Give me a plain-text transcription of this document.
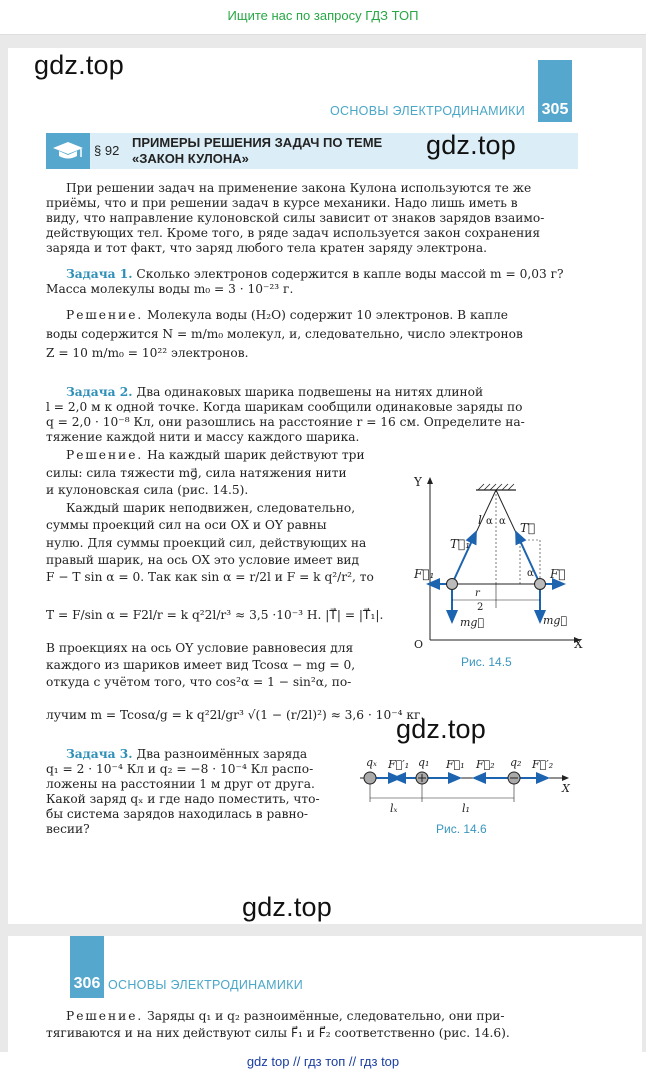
Ищите нас по запросу ГДЗ ТОП
gdz.top
ОСНОВЫ ЭЛЕКТРОДИНАМИКИ 305
§ 92
ПРИМЕРЫ РЕШЕНИЯ ЗАДАЧ ПО ТЕМЕ
«ЗАКОН КУЛОНА»	gdz.top
При решении задач на применение закона Кулона используются те же
приёмы, что и при решении задач в курсе механики. Надо лишь иметь в
виду, что направление кулоновской силы зависит от знаков зарядов взаимо-
действующих тел. Кроме того, в ряде задач используется закон сохранения
заряда и тот факт, что заряд любого тела кратен заряду электрона.
Задача 1. Сколько электронов содержится в капле воды массой m = 0,03 г?
Масса молекулы воды m₀ = 3 · 10⁻²³ г.
Решение. Молекула воды (H₂O) содержит 10 электронов. В капле
воды содержится N = m/m₀ молекул, и, следовательно, число электронов
Z = 10 m/m₀ = 10²² электронов.
Задача 2. Два одинаковых шарика подвешены на нитях длиной
l = 2,0 м к одной точке. Когда шарикам сообщили одинаковые заряды по
q = 2,0 · 10⁻⁸ Кл, они разошлись на расстояние r = 16 см. Определите на-
тяжение каждой нити и массу каждого шарика.
Решение. На каждый шарик действуют три
силы: сила тяжести mg⃗, сила натяжения нити
и кулоновская сила (рис. 14.5).
Каждый шарик неподвижен, следовательно,
суммы проекций сил на оси OX и OY равны
нулю. Для суммы проекций сил, действующих на
правый шарик, на ось OX это условие имеет вид
F − T sin α = 0. Так как sin α = r/2l и F = k q²/r², то
T = F/sin α = F2l/r = k q²2l/r³ ≈ 3,5 ·10⁻³ Н. |T⃗| = |T⃗₁|.
В проекциях на ось OY условие равновесия для
каждого из шариков имеет вид Tcosα − mg = 0,
откуда с учётом того, что cos²α = 1 − sin²α, по-
лучим m = Tcosα/g = k q²2l/gr³ √(1 − (r/2l)²) ≈ 3,6 · 10⁻⁴ кг.
gdz.top
Задача 3. Два разноимённых заряда
q₁ = 2 · 10⁻⁴ Кл и q₂ = −8 · 10⁻⁴ Кл распо-
ложены на расстоянии 1 м друг от друга.
Какой заряд qₓ и где надо поместить, что-
бы система зарядов находилась в равно-
весии?
Y
O	X
l α α
α
T⃗₁
T⃗
F⃗₁	F⃗
r
2
mg⃗	mg⃗
Рис. 14.5
qₓ	q₁	q₂
F⃗′₁	F⃗₁ F⃗₂	F⃗′₂
X
lₓ	l₁
Рис. 14.6
gdz.top
306 ОСНОВЫ ЭЛЕКТРОДИНАМИКИ
Решение. Заряды q₁ и q₂ разноимённые, следовательно, они при-
тягиваются и на них действуют силы F⃗₁ и F⃗₂ соответственно (рис. 14.6).
gdz top // гдз топ // гдз top
